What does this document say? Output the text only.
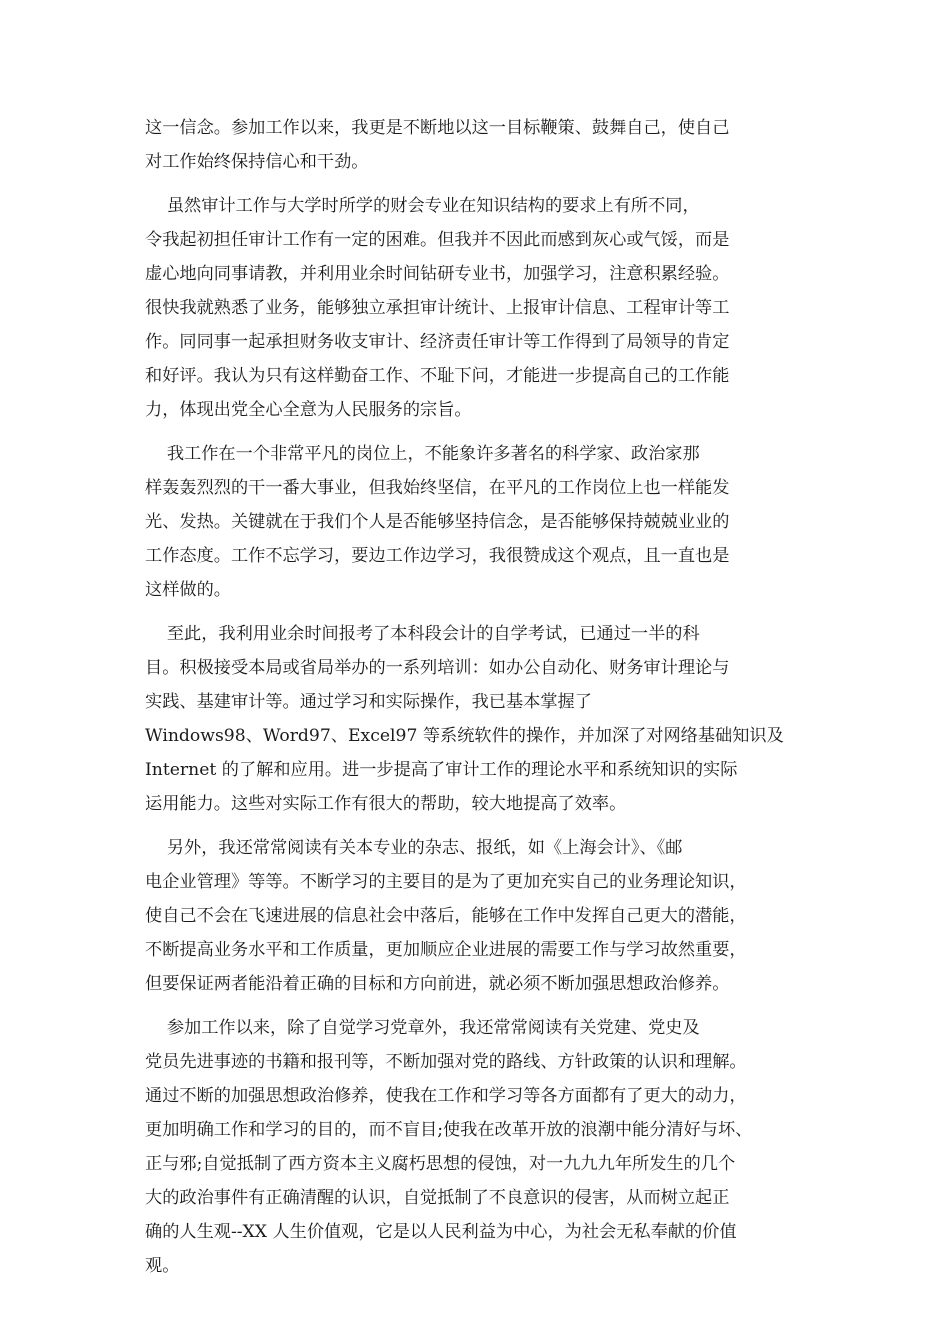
这一信念。参加工作以来，我更是不断地以这一目标鞭策、鼓舞自己，使自己
对工作始终保持信心和干劲。
虽然审计工作与大学时所学的财会专业在知识结构的要求上有所不同，
令我起初担任审计工作有一定的困难。但我并不因此而感到灰心或气馁，而是
虚心地向同事请教，并利用业余时间钻研专业书，加强学习，注意积累经验。
很快我就熟悉了业务，能够独立承担审计统计、上报审计信息、工程审计等工
作。同同事一起承担财务收支审计、经济责任审计等工作得到了局领导的肯定
和好评。我认为只有这样勤奋工作、不耻下问，才能进一步提高自己的工作能
力，体现出党全心全意为人民服务的宗旨。
我工作在一个非常平凡的岗位上，不能象许多著名的科学家、政治家那
样轰轰烈烈的干一番大事业，但我始终坚信，在平凡的工作岗位上也一样能发
光、发热。关键就在于我们个人是否能够坚持信念，是否能够保持兢兢业业的
工作态度。工作不忘学习，要边工作边学习，我很赞成这个观点，且一直也是
这样做的。
至此，我利用业余时间报考了本科段会计的自学考试，已通过一半的科
目。积极接受本局或省局举办的一系列培训：如办公自动化、财务审计理论与
实践、基建审计等。通过学习和实际操作，我已基本掌握了
Windows98、Word97、Excel97 等系统软件的操作，并加深了对网络基础知识及
Internet 的了解和应用。进一步提高了审计工作的理论水平和系统知识的实际
运用能力。这些对实际工作有很大的帮助，较大地提高了效率。
另外，我还常常阅读有关本专业的杂志、报纸，如《上海会计》、《邮
电企业管理》等等。不断学习的主要目的是为了更加充实自己的业务理论知识，
使自己不会在飞速进展的信息社会中落后，能够在工作中发挥自己更大的潜能，
不断提高业务水平和工作质量，更加顺应企业进展的需要工作与学习故然重要，
但要保证两者能沿着正确的目标和方向前进，就必须不断加强思想政治修养。
参加工作以来，除了自觉学习党章外，我还常常阅读有关党建、党史及
党员先进事迹的书籍和报刊等，不断加强对党的路线、方针政策的认识和理解。
通过不断的加强思想政治修养，使我在工作和学习等各方面都有了更大的动力，
更加明确工作和学习的目的，而不盲目;使我在改革开放的浪潮中能分清好与坏、
正与邪;自觉抵制了西方资本主义腐朽思想的侵蚀，对一九九九年所发生的几个
大的政治事件有正确清醒的认识，自觉抵制了不良意识的侵害，从而树立起正
确的人生观--XX 人生价值观，它是以人民利益为中心，为社会无私奉献的价值
观。
